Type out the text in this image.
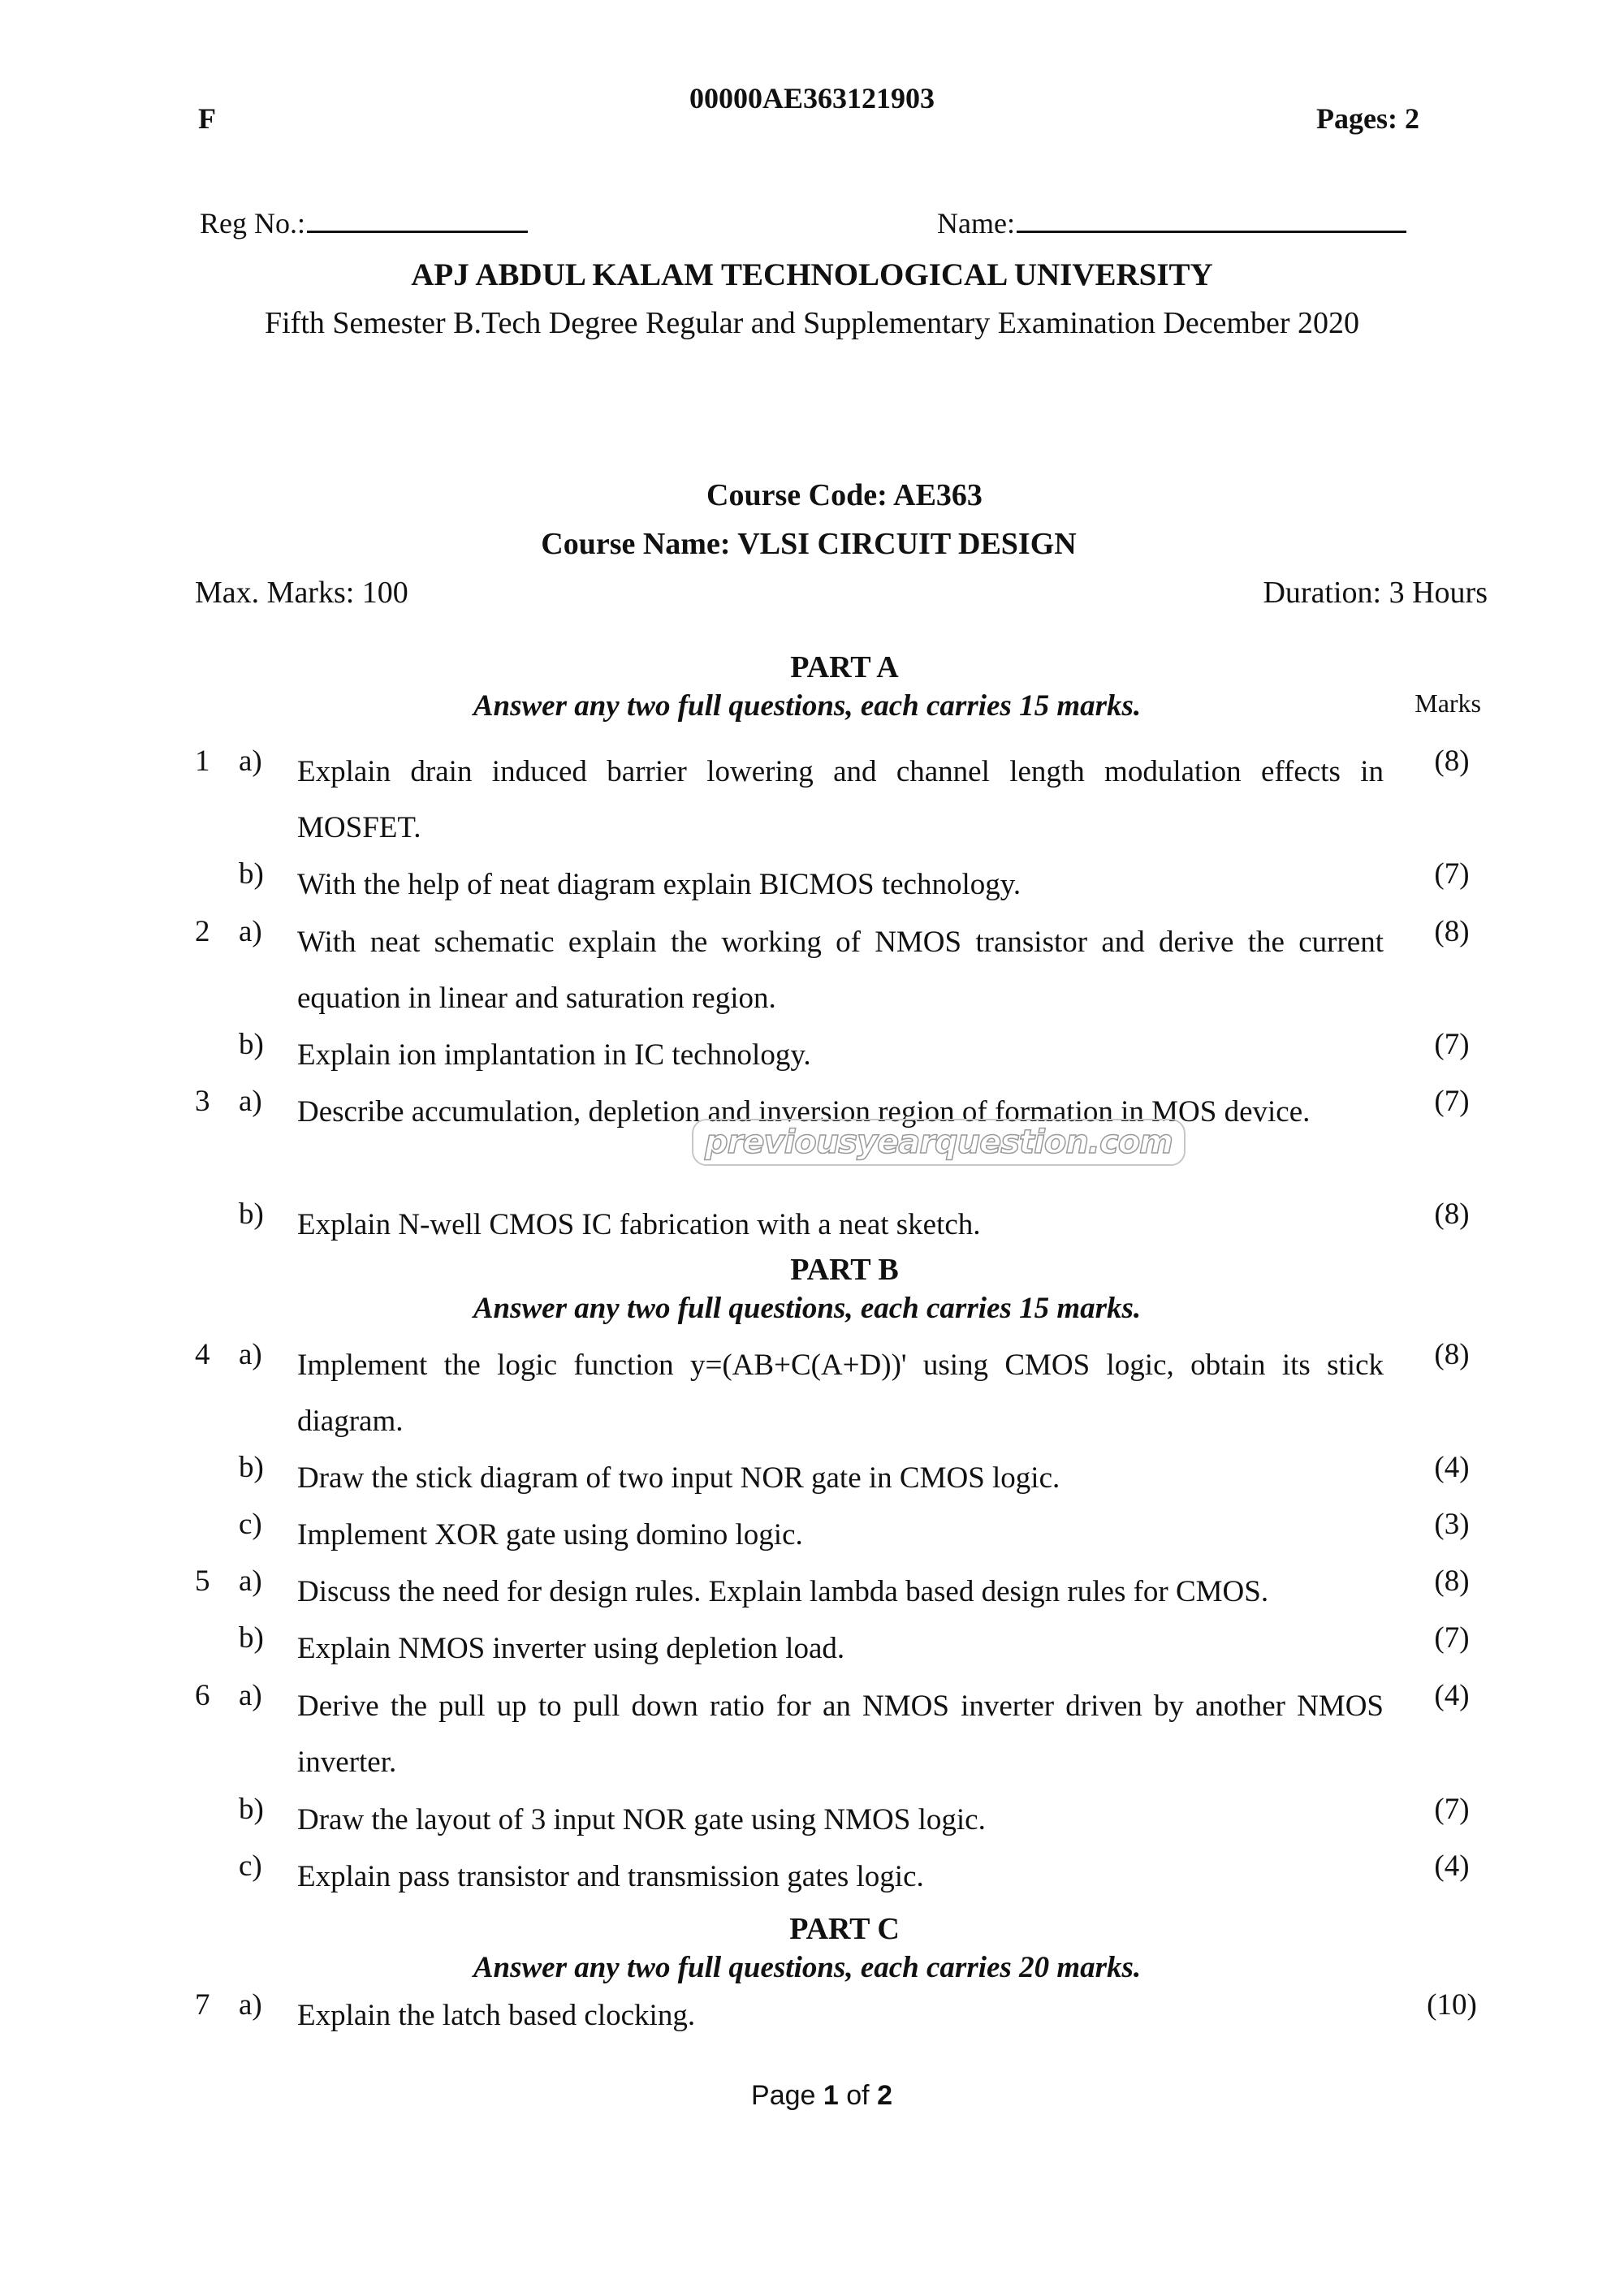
F
00000AE363121903
Pages: 2
Reg No.:	Name:
APJ ABDUL KALAM TECHNOLOGICAL UNIVERSITY
Fifth Semester B.Tech Degree Regular and Supplementary Examination December 2020
Course Code: AE363
Course Name: VLSI CIRCUIT DESIGN
Max. Marks: 100	Duration: 3 Hours
PART A
Answer any two full questions, each carries 15 marks.	Marks
1 a) Explain drain induced barrier lowering and channel length modulation effects in MOSFET.
(8)
b) With the help of neat diagram explain BICMOS technology.	(7)
2 a) With neat schematic explain the working of NMOS transistor and derive the current equation in linear and saturation region.
(8)
b) Explain ion implantation in IC technology.	(7)
3 a) Describe accumulation, depletion and inversion region of formation in MOS device.	(7)
b) Explain N-well CMOS IC fabrication with a neat sketch.	(8)
previousyearquestion.com
PART B
Answer any two full questions, each carries 15 marks.
4 a) Implement the logic function y=(AB+C(A+D))' using CMOS logic, obtain its stick diagram.
(8)
b) Draw the stick diagram of two input NOR gate in CMOS logic.	(4)
c) Implement XOR gate using domino logic.	(3)
5 a) Discuss the need for design rules. Explain lambda based design rules for CMOS.	(8)
b) Explain NMOS inverter using depletion load.	(7)
6 a) Derive the pull up to pull down ratio for an NMOS inverter driven by another NMOS inverter.
(4)
b) Draw the layout of 3 input NOR gate using NMOS logic.	(7)
c) Explain pass transistor and transmission gates logic.	(4)
PART C
Answer any two full questions, each carries 20 marks.
7 a) Explain the latch based clocking.	(10)
Page 1 of 2
